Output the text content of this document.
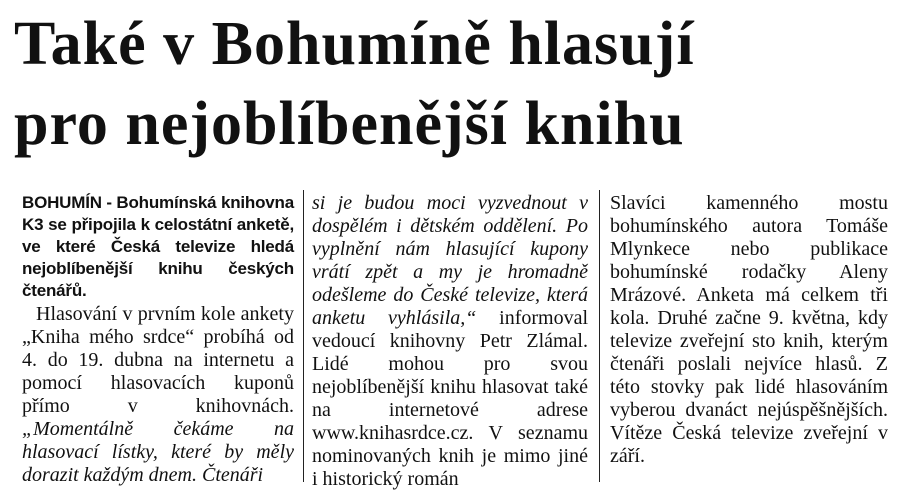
Také v Bohumíně hlasují
pro nejoblíbenější knihu
BOHUMÍN - Bohumínská knihovna K3 se připojila k celostátní anketě, ve které Česká televize hledá nejoblíbenější knihu českých čtenářů.

Hlasování v prvním kole ankety „Kniha mého srdce“ probíhá od 4. do 19. dubna na internetu a pomocí hlasovacích kuponů přímo v knihovnách. „Momentálně čekáme na hlasovací lístky, které by měly dorazit každým dnem. Čtenáři

si je budou moci vyzvednout v dospělém i dětském oddělení. Po vyplnění nám hlasující kupony vrátí zpět a my je hromadně odešleme do České televize, která anketu vyhlásila,“ informoval vedoucí knihovny Petr Zlámal. Lidé mohou pro svou nejoblíbenější knihu hlasovat také na internetové adrese www.knihasrdce.cz. V seznamu nominovaných knih je mimo jiné i historický román

Slavíci kamenného mostu bohumínského autora Tomáše Mlynkece nebo publikace bohumínské rodačky Aleny Mrázové. Anketa má celkem tři kola. Druhé začne 9. května, kdy televize zveřejní sto knih, kterým čtenáři poslali nejvíce hlasů. Z této stovky pak lidé hlasováním vyberou dvanáct nejúspěšnějších. Vítěze Česká televize zveřejní v září.
